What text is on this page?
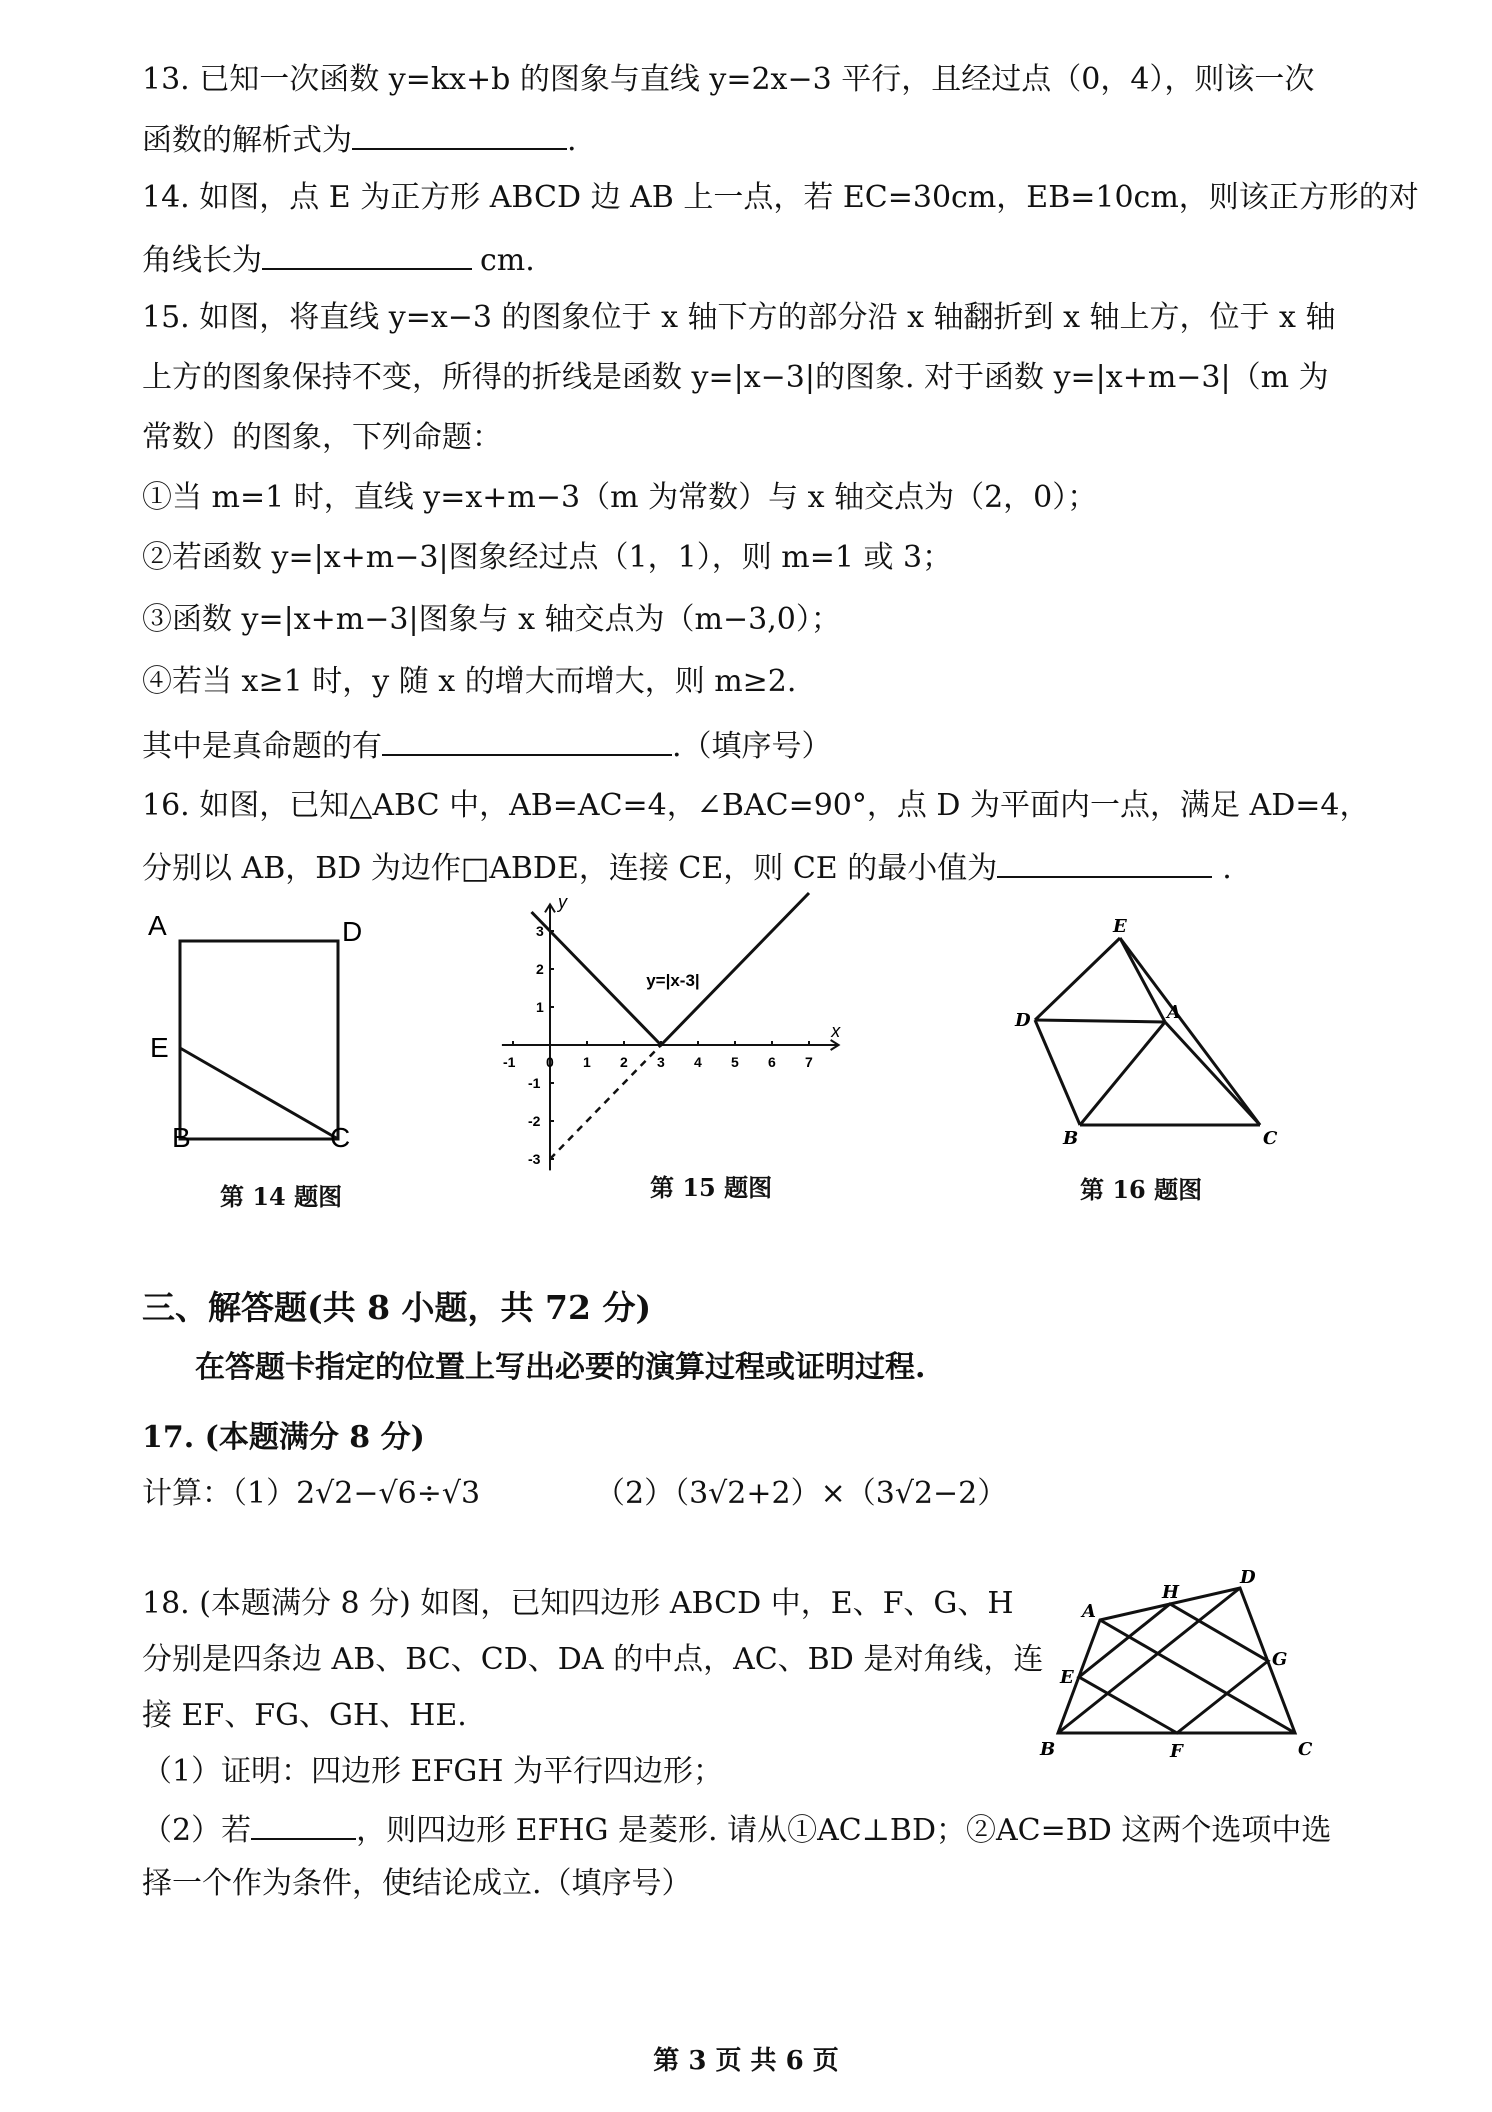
13. 已知一次函数 y=kx+b 的图象与直线 y=2x−3 平行，且经过点（0，4），则该一次
函数的解析式为	.
14. 如图，点 E 为正方形 ABCD 边 AB 上一点，若 EC=30cm，EB=10cm，则该正方形的对
角线长为	cm.
15. 如图，将直线 y=x−3 的图象位于 x 轴下方的部分沿 x 轴翻折到 x 轴上方，位于 x 轴
上方的图象保持不变，所得的折线是函数 y=|x−3|的图象. 对于函数 y=|x+m−3|（m 为
常数）的图象，下列命题：
①当 m=1 时，直线 y=x+m−3（m 为常数）与 x 轴交点为（2，0）；
②若函数 y=|x+m−3|图象经过点（1，1），则 m=1 或 3；
③函数 y=|x+m−3|图象与 x 轴交点为（m−3,0）；
④若当 x≥1 时，y 随 x 的增大而增大，则 m≥2.
其中是真命题的有	.（填序号）
16. 如图，已知△ABC 中，AB=AC=4，∠BAC=90°，点 D 为平面内一点，满足 AD=4，
分别以 AB，BD 为边作□ABDE，连接 CE，则 CE 的最小值为	.
A	D
E
B	C
第 14 题图
-1 0 1 2 3 4 5 6 7
3
2
1
-1
-2
-3
x
y
y=|x-3|
第 15 题图
E
D	A
B	C
第 16 题图
三、解答题(共 8 小题，共 72 分)
在答题卡指定的位置上写出必要的演算过程或证明过程.
17. (本题满分 8 分)
计算：（1）2√2−√6÷√3	（2）（3√2+2）×（3√2−2）
18. (本题满分 8 分) 如图，已知四边形 ABCD 中，E、F、G、H
分别是四条边 AB、BC、CD、DA 的中点，AC、BD 是对角线，连
接 EF、FG、GH、HE.
（1）证明：四边形 EFGH 为平行四边形；
（2）若	，则四边形 EFHG 是菱形. 请从①AC⊥BD；②AC=BD 这两个选项中选
择一个作为条件，使结论成立.（填序号）
A
D
H
E
G
B	F	C
第 3 页 共 6 页
